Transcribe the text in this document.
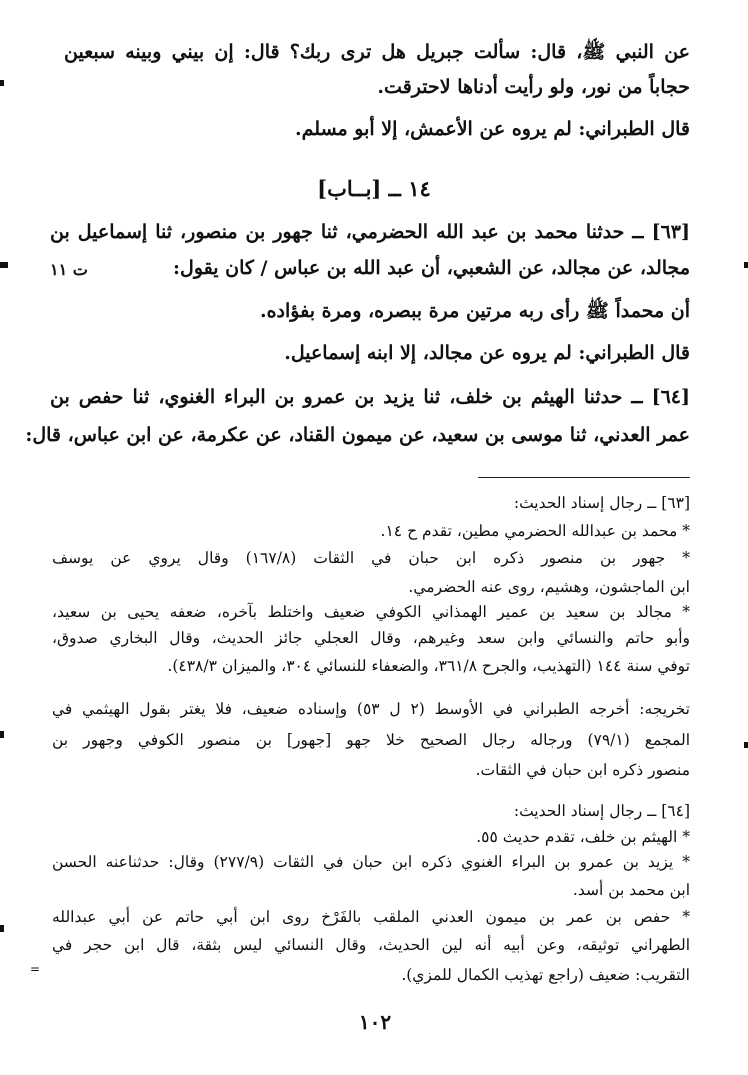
عن النبي ﷺ، قال: سألت جبريل هل ترى ربك؟ قال: إن بيني وبينه سبعين
حجاباً من نور، ولو رأيت أدناها لاحترقت.
قال الطبراني: لم يروه عن الأعمش، إلا أبو مسلم.
١٤ ــ [بــاب]
[٦٣] ــ حدثنا محمد بن عبد الله الحضرمي، ثنا جهور بن منصور، ثنا إسماعيل بن
مجالد، عن مجالد، عن الشعبي، أن عبد الله بن عباس / كان يقول:
ت ١١
أن محمداً ﷺ رأى ربه مرتين مرة ببصره، ومرة بفؤاده.
قال الطبراني: لم يروه عن مجالد، إلا ابنه إسماعيل.
[٦٤] ــ حدثنا الهيثم بن خلف، ثنا يزيد بن عمرو بن البراء الغنوي، ثنا حفص بن
عمر العدني، ثنا موسى بن سعيد، عن ميمون القناد، عن عكرمة، عن ابن عباس، قال:
[٦٣] ــ رجال إسناد الحديث:
* محمد بن عبدالله الحضرمي مطين، تقدم ح ١٤.
* جهور بن منصور ذكره ابن حبان في الثقات (١٦٧/٨) وقال يروي عن يوسف
ابن الماجشون، وهشيم، روى عنه الحضرمي.
* مجالد بن سعيد بن عمير الهمذاني الكوفي ضعيف واختلط بآخره، ضعفه يحيى بن سعيد،
وأبو حاتم والنسائي وابن سعد وغيرهم، وقال العجلي جائز الحديث، وقال البخاري صدوق،
توفي سنة ١٤٤ (التهذيب، والجرح ٣٦١/٨، والضعفاء للنسائي ٣٠٤، والميزان ٤٣٨/٣).
تخريجه: أخرجه الطبراني في الأوسط (٢ ل ٥٣) وإسناده ضعيف، فلا يغتر بقول الهيثمي في
المجمع (٧٩/١) ورجاله رجال الصحيح خلا جهو [جهور] بن منصور الكوفي وجهور بن
منصور ذكره ابن حبان في الثقات.
[٦٤] ــ رجال إسناد الحديث:
* الهيثم بن خلف، تقدم حديث ٥٥.
* يزيد بن عمرو بن البراء الغنوي ذكره ابن حبان في الثقات (٢٧٧/٩) وقال: حدثناعنه الحسن
ابن محمد بن أسد.
* حفص بن عمر بن ميمون العدني الملقب بالفَرْخ روى ابن أبي حاتم عن أبي عبدالله
الطهراني توثيقه، وعن أبيه أنه لين الحديث، وقال النسائي ليس بثقة، قال ابن حجر في
التقريب: ضعيف (راجع تهذيب الكمال للمزي).
١٠٢
=
